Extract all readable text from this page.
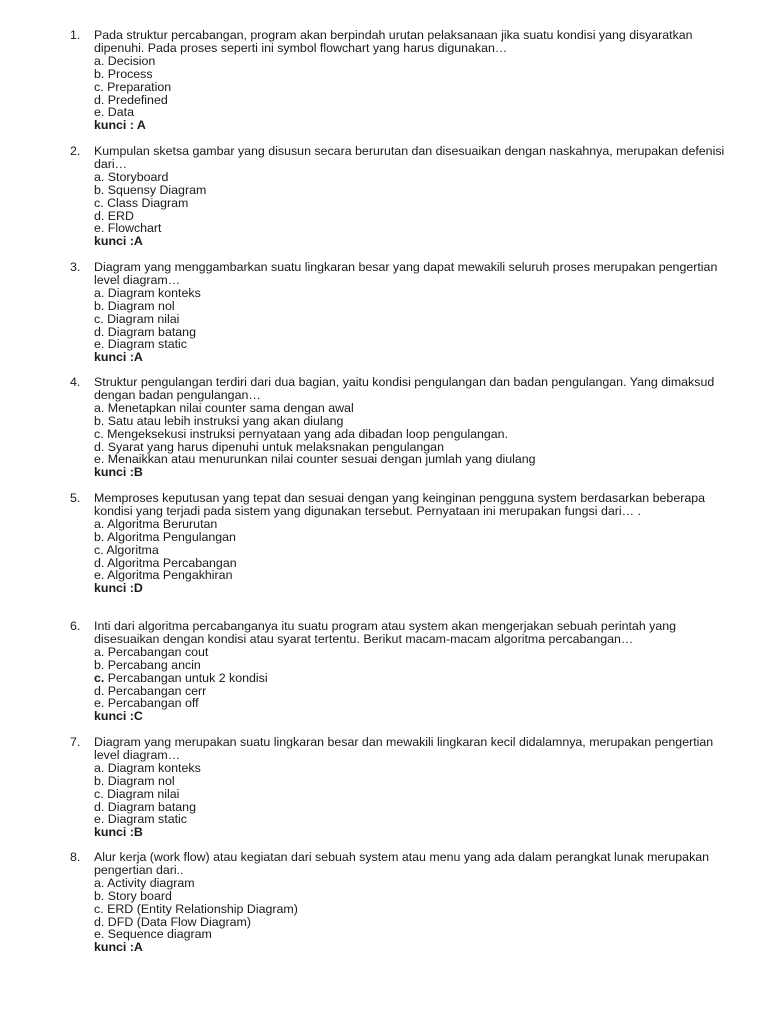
1.	Pada struktur percabangan, program akan berpindah urutan pelaksanaan jika suatu kondisi yang disyaratkan dipenuhi. Pada proses seperti ini symbol flowchart yang harus digunakan…
a. Decision
b. Process
c. Preparation
d. Predefined
e. Data
kunci : A
2.	Kumpulan sketsa gambar yang disusun secara berurutan dan disesuaikan dengan naskahnya, merupakan defenisi dari…
a. Storyboard
b. Squensy Diagram
c. Class Diagram
d. ERD
e. Flowchart
kunci :A
3.	Diagram yang menggambarkan suatu lingkaran besar yang dapat mewakili seluruh proses merupakan pengertian level diagram…
a. Diagram konteks
b. Diagram nol
c. Diagram nilai
d. Diagram batang
e. Diagram static
kunci :A
4.	Struktur pengulangan terdiri dari dua bagian, yaitu kondisi pengulangan dan badan pengulangan. Yang dimaksud dengan badan pengulangan…
a. Menetapkan nilai counter sama dengan awal
b. Satu atau lebih instruksi yang akan diulang
c. Mengeksekusi instruksi pernyataan yang ada dibadan loop pengulangan.
d. Syarat yang harus dipenuhi untuk melaksnakan pengulangan
e. Menaikkan atau menurunkan nilai counter sesuai dengan jumlah yang diulang
kunci :B
5.	Memproses keputusan yang tepat dan sesuai dengan yang keinginan pengguna system berdasarkan beberapa kondisi yang terjadi pada sistem yang digunakan tersebut. Pernyataan ini merupakan fungsi dari… .
a. Algoritma Berurutan
b. Algoritma Pengulangan
c. Algoritma
d. Algoritma Percabangan
e. Algoritma Pengakhiran
kunci :D
6.	Inti dari algoritma percabanganya itu suatu program atau system akan mengerjakan sebuah perintah yang disesuaikan dengan kondisi atau syarat tertentu. Berikut macam-macam algoritma percabangan…
a. Percabangan cout
b. Percabang ancin
c. Percabangan untuk 2 kondisi
d. Percabangan cerr
e. Percabangan off
kunci :C
7.	Diagram yang merupakan suatu lingkaran besar dan mewakili lingkaran kecil didalamnya, merupakan pengertian level diagram…
a. Diagram konteks
b. Diagram nol
c. Diagram nilai
d. Diagram batang
e. Diagram static
kunci :B
8.	Alur kerja (work flow) atau kegiatan dari sebuah system atau menu yang ada dalam perangkat lunak merupakan pengertian dari..
a. Activity diagram
b. Story board
c. ERD (Entity Relationship Diagram)
d. DFD (Data Flow Diagram)
e. Sequence diagram
kunci :A
